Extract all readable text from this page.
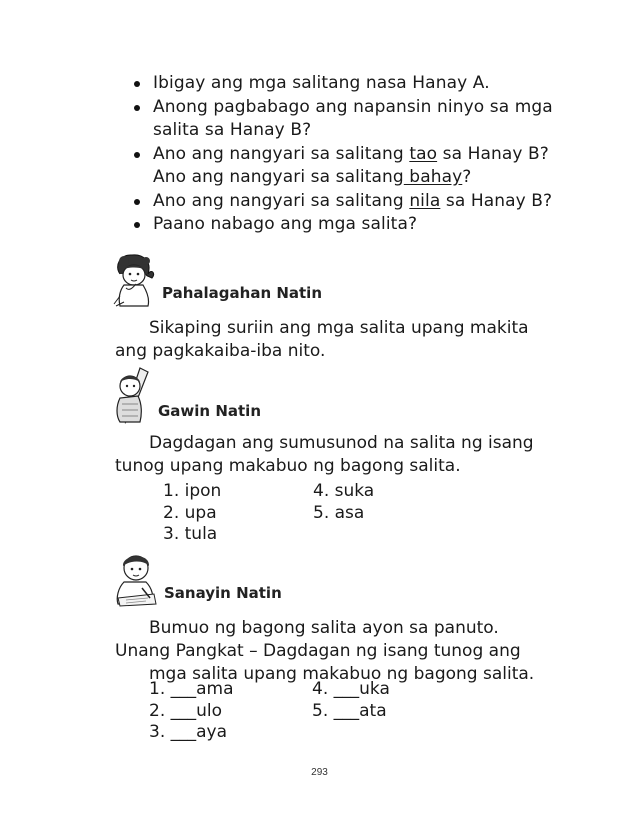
Ibigay ang mga salitang nasa Hanay A.
Anong pagbabago ang napansin ninyo sa mga salita sa Hanay B?
Ano ang nangyari sa salitang tao sa Hanay B?
Ano ang nangyari sa salitang bahay?
Ano ang nangyari sa salitang nila sa Hanay B?
Paano nabago ang mga salita?
Pahalagahan Natin

Sikaping suriin ang mga salita upang makita
ang pagkakaiba-iba nito.

Gawin Natin

Dagdagan ang sumusunod na salita ng isang
tunog upang makabuo ng bagong salita.

1. ipon	4. suka
2. upa	5. asa
3. tula
Sanayin Natin

Bumuo ng bagong salita ayon sa panuto.
Unang Pangkat – Dagdagan ng isang tunog ang
mga salita upang makabuo ng bagong salita.

1. ___ama	4. ___uka
2. ___ulo	5. ___ata
3. ___aya
293
